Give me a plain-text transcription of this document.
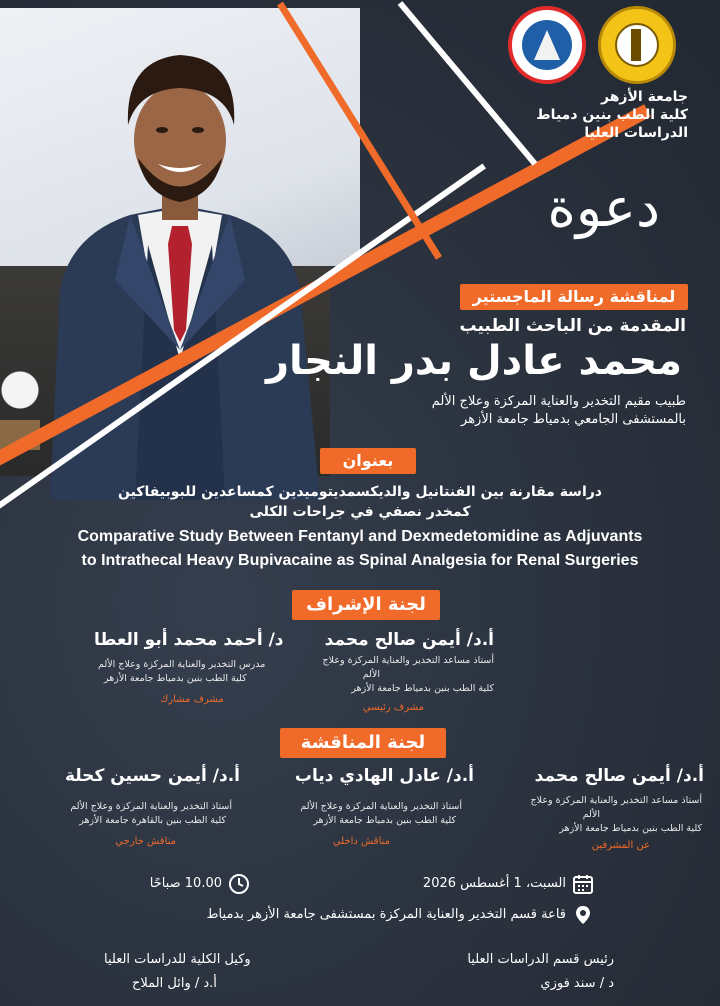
جامعة الأزهر
كلية الطب بنين دمياط
الدراسات العليا
دعوة
لمناقشة رسالة الماجستير
المقدمة من الباحث الطبيب
محمد عادل بدر النجار
طبيب مقيم التخدير والعناية المركزة وعلاج الألم
بالمستشفى الجامعي بدمياط جامعة الأزهر
بعنوان
دراسة مقارنة بين الفنتانيل والديكسمديتوميدين كمساعدين للبوبيفاكين
كمخدر نصفي في جراحات الكلى
Comparative Study Between Fentanyl and Dexmedetomidine as Adjuvants
to Intrathecal Heavy Bupivacaine as Spinal Analgesia for Renal Surgeries
لجنة الإشراف
أ.د/ أيمن صالح محمد
أستاذ مساعد التخدير والعناية المركزة وعلاج
الألم
كلية الطب بنين بدمياط جامعة الأزهر
مشرف رئيسي
د/ أحمد محمد أبو العطا
مدرس التخدير والعناية المركزة وعلاج الألم
كلية الطب بنين بدمياط جامعة الأزهر
مشرف مشارك
لجنة المناقشة
أ.د/ أيمن صالح محمد
أستاذ مساعد التخدير والعناية المركزة وعلاج
الألم
كلية الطب بنين بدمياط جامعة الأزهر
عن المشرفين
أ.د/ عادل الهادي دياب
أستاذ التخدير والعناية المركزة وعلاج الألم
كلية الطب بنين بدمياط جامعة الأزهر
مناقش داخلي
أ.د/ أيمن حسين كحلة
أستاذ التخدير والعناية المركزة وعلاج الألم
كلية الطب بنين بالقاهرة جامعة الأزهر
مناقش خارجي
السبت، 1 أغسطس 2026
10.00 صباحًا
قاعة قسم التخدير والعناية المركزة بمستشفى جامعة الأزهر بدمياط
وكيل الكلية للدراسات العليا
أ.د / وائل الملاح
رئيس قسم الدراسات العليا
د / سند فوزي
